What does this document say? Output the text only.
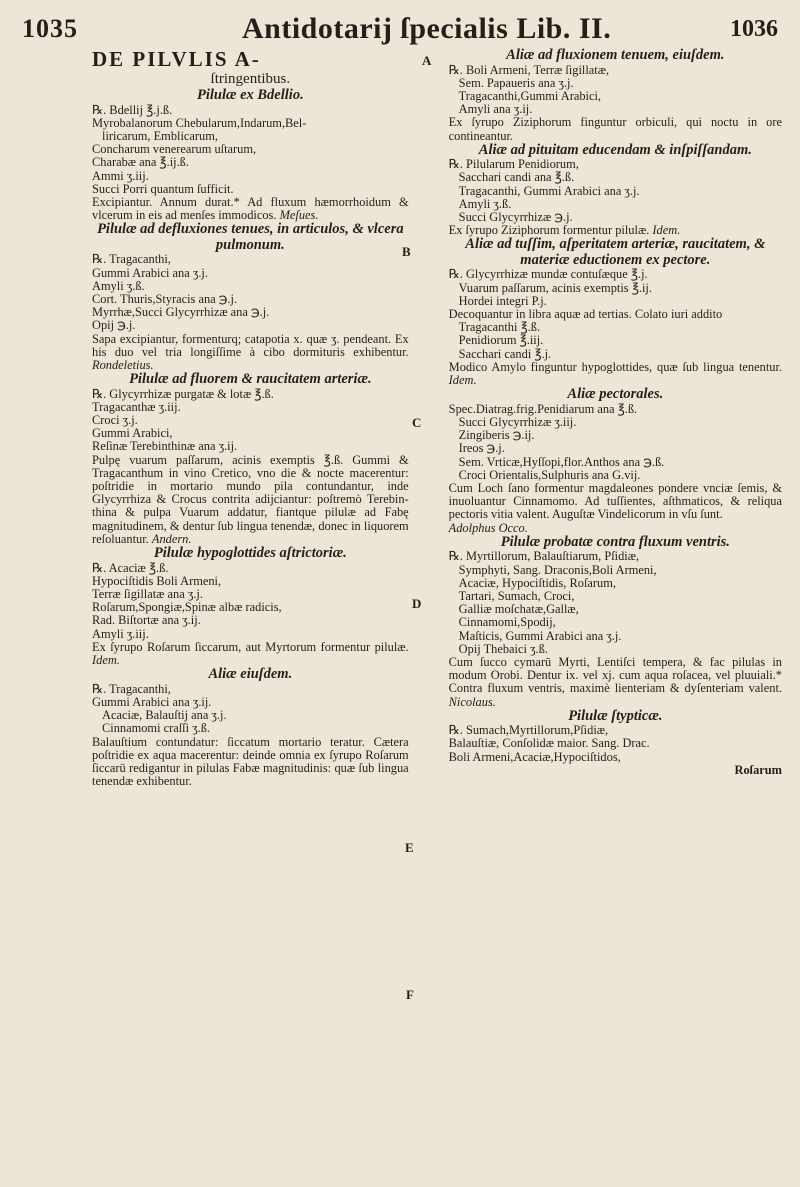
1035	Antidotarij ſpecialis Lib. II.	1036
A
B
C
D
E
F
DE PILVLIS A-
ſtringentibus.
Pilulæ ex Bdellio.
℞. Bdellij ℥.j.ß.
Myrobalanorum Chebularum,Indarum,Bel-
liricarum, Emblicarum,
Concharum venerearum uſtarum,
Charabæ ana ℥.ij.ß.
Ammi ʒ.iij.
Succi Porri quantum ſufficit.
Excipiantur. Annum durat.* Ad fluxum hæmorrhoidum & vlcerum in eis ad menſes immodicos. Meſues.
Pilulæ ad defluxiones tenues, in articulos, & vlcera pulmonum.
℞. Tragacanthi,
Gummi Arabici ana ʒ.j.
Amyli ʒ.ß.
Cort. Thuris,Styracis ana ℈.j.
Myrrhæ,Succi Glycyrrhizæ ana ℈.j.
Opij ℈.j.
Sapa excipiantur, formenturq; catapotia x. quæ ʒ. pendeant. Ex his duo vel tria longiſſime à cibo dormituris exhibentur. Rondeletius.
Pilulæ ad fluorem & raucitatem arteriæ.
℞. Glycyrrhizæ purgatæ & lotæ ℥.ß.
Tragacanthæ ʒ.iij.
Croci ʒ.j.
Gummi Arabici,
Reſinæ Terebinthinæ ana ʒ.ij.
Pulpę vuarum paſſarum, acinis exemptis ℥.ß. Gummi & Tragacanthum in vino Cretico, vno die & nocte macerentur: poſtridie in mortario mundo pila contundantur, inde Glycyrrhiza & Crocus contrita adijciantur: poſtremò Terebinthina & pulpa Vuarum addatur, fiantque pilulæ ad Fabę magnitudinem, & dentur ſub lingua tenendæ, donec in liquorem reſoluantur. Andern.
Pilulæ hypoglottides aſtrictoriæ.
℞. Acaciæ ℥.ß.
Hypociſtidis Boli Armeni,
Terræ ſigillatæ ana ʒ.j.
Roſarum,Spongiæ,Spinæ albæ radicis,
Rad. Biſtortæ ana ʒ.ij.
Amyli ʒ.iij.
Ex ſyrupo Roſarum ſiccarum, aut Myrtorum formentur pilulæ. Idem.
Aliæ eiuſdem.
℞. Tragacanthi,
Gummi Arabici ana ʒ.ij.
Acaciæ, Balauſtij ana ʒ.j.
Cinnamomi craſſi ʒ.ß.
Balauſtium contundatur: ſiccatum mortario teratur. Cætera poſtridie ex aqua macerentur: deinde omnia ex ſyrupo Roſarum ſiccarū redigantur in pilulas Fabæ magnitudinis: quæ ſub lingua tenendæ exhibentur.
Aliæ ad fluxionem tenuem, eiuſdem.
℞. Boli Armeni, Terræ ſigillatæ,
Sem. Papaueris ana ʒ.j.
Tragacanthi,Gummi Arabici,
Amyli ana ʒ.ij.
Ex ſyrupo Ziziphorum finguntur orbiculi, qui noctu in ore contineantur.
Aliæ ad pituitam educendam & inſpiſſandam.
℞. Pilularum Penidiorum,
Sacchari candi ana ℥.ß.
Tragacanthi, Gummi Arabici ana ʒ.j.
Amyli ʒ.ß.
Succi Glycyrrhizæ ℈.j.
Ex ſyrupo Ziziphorum formentur pilulæ. Idem.
Aliæ ad tuſſim, aſperitatem arteriæ, raucitatem, & materiæ eductionem ex pectore.
℞. Glycyrrhizæ mundæ contuſæque ℥.j.
Vuarum paſſarum, acinis exemptis ℥.ij.
Hordei integri P.j.
Decoquantur in libra aquæ ad tertias. Colato iuri addito
Tragacanthi ℥.ß.
Penidiorum ℥.iij.
Sacchari candi ℥.j.
Modico Amylo finguntur hypoglottides, quæ ſub lingua tenentur. Idem.
Aliæ pectorales.
Spec.Diatrag.frig.Penidiarum ana ℥.ß.
Succi Glycyrrhizæ ʒ.iij.
Zingiberis ℈.ij.
Ireos ℈.j.
Sem. Vrticæ,Hyſſopi,flor.Anthos ana ℈.ß.
Croci Orientalis,Sulphuris ana G.vij.
Cum Loch ſano formentur magdaleones pondere vnciæ ſemis, & inuoluantur Cinnamomo. Ad tuſſientes, aſthmaticos, & reliqua pectoris vitia valent. Auguſtæ Vindelicorum in vſu ſunt.
Adolphus Occo.
Pilulæ probatæ contra fluxum ventris.
℞. Myrtillorum, Balauſtiarum, Pſidiæ,
Symphyti, Sang. Draconis,Boli Armeni,
Acaciæ, Hypociſtidis, Roſarum,
Tartari, Sumach, Croci,
Galliæ moſchatæ,Gallæ,
Cinnamomi,Spodij,
Maſticis, Gummi Arabici ana ʒ.j.
Opij Thebaici ʒ.ß.
Cum ſucco cymarū Myrti, Lentiſci tempera, & fac pilulas in modum Orobi. Dentur ix. vel xj. cum aqua roſacea, vel pluuiali.* Contra fluxum ventris, maximè lienteriam & dyſenteriam valent. Nicolaus.
Pilulæ ſtypticæ.
℞. Sumach,Myrtillorum,Pſidiæ,
Balauſtiæ, Conſolidæ maior. Sang. Drac.
Boli Armeni,Acaciæ,Hypociſtidos,
Roſarum
